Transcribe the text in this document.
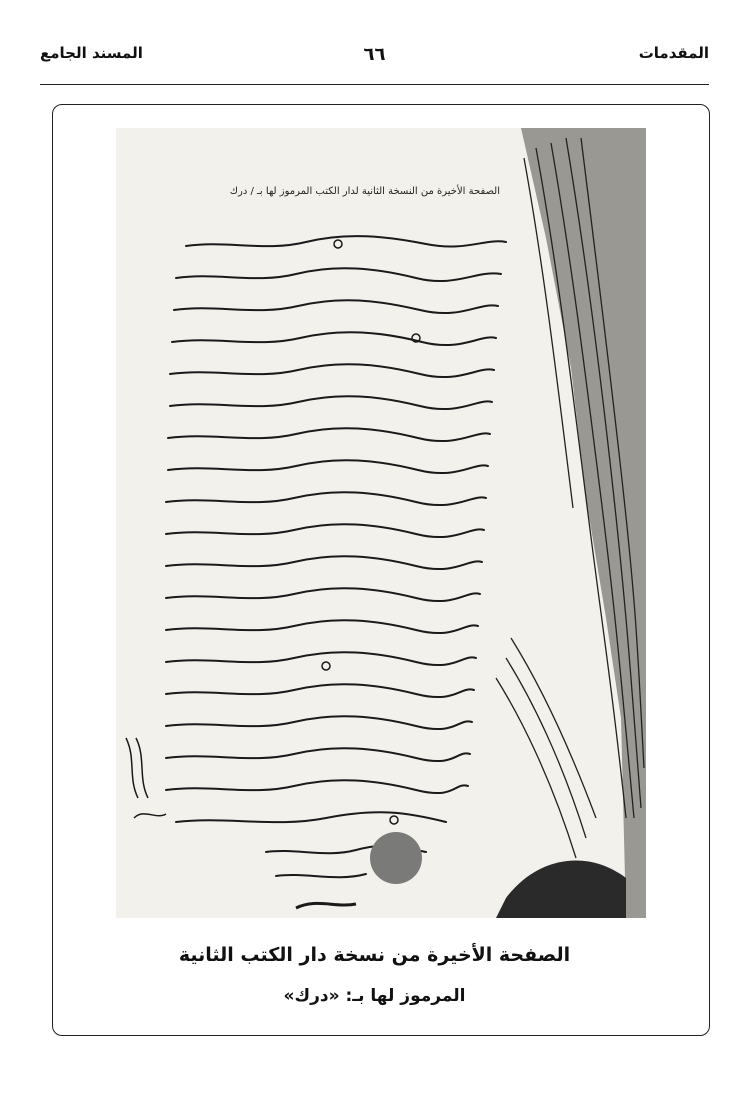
المقدمات
٦٦
المسند الجامع
الصفحة الأخيرة من النسخة الثانية لدار الكتب المرموز لها بـ / درك
الصفحة الأخيرة من نسخة دار الكتب الثانية
المرموز لها بـ: «درك»
